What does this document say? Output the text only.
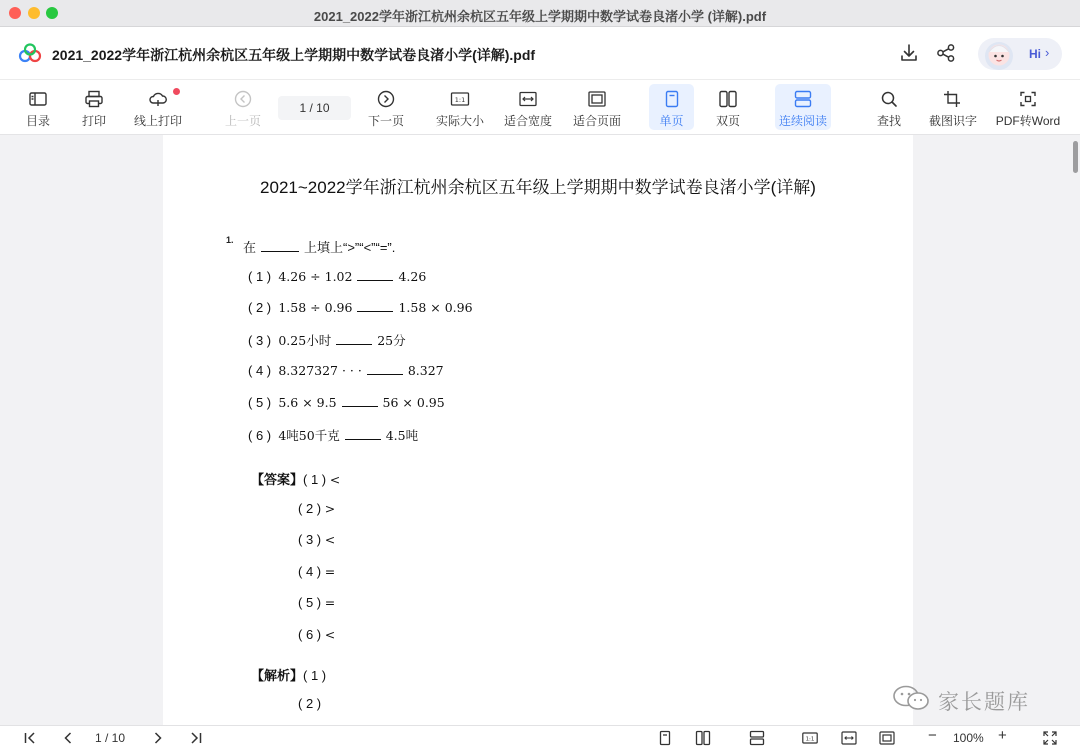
2021_2022学年浙江杭州余杭区五年级上学期期中数学试卷良渚小学 (详解).pdf
2021_2022学年浙江杭州余杭区五年级上学期期中数学试卷良渚小学(详解).pdf	Hi ›
目录	打印	线上打印	上一页
1 / 10
下一页
1:1
实际大小	适合宽度	适合页面	单页	双页	连续阅读	查找	截图识字	PDF转Word
2021~2022学年浙江杭州余杭区五年级上学期期中数学试卷良渚小学(详解)
1. 在	上填上“>”“<”“=”.
( 1 ) 4.26 ÷ 1.02	4.26
( 2 ) 1.58 ÷ 0.96	1.58 × 0.96
( 3 ) 0.25小时	25分
( 4 ) 8.327327 · · ·	8.327
( 5 ) 5.6 × 9.5	56 × 0.95
( 6 ) 4吨50千克	4.5吨
【答案】( 1 ) <
( 2 ) >
( 3 ) <
( 4 ) =
( 5 ) =
( 6 ) <
【解析】( 1 )
( 2 )	家长题库
1 / 10	1:1	− 100% +
